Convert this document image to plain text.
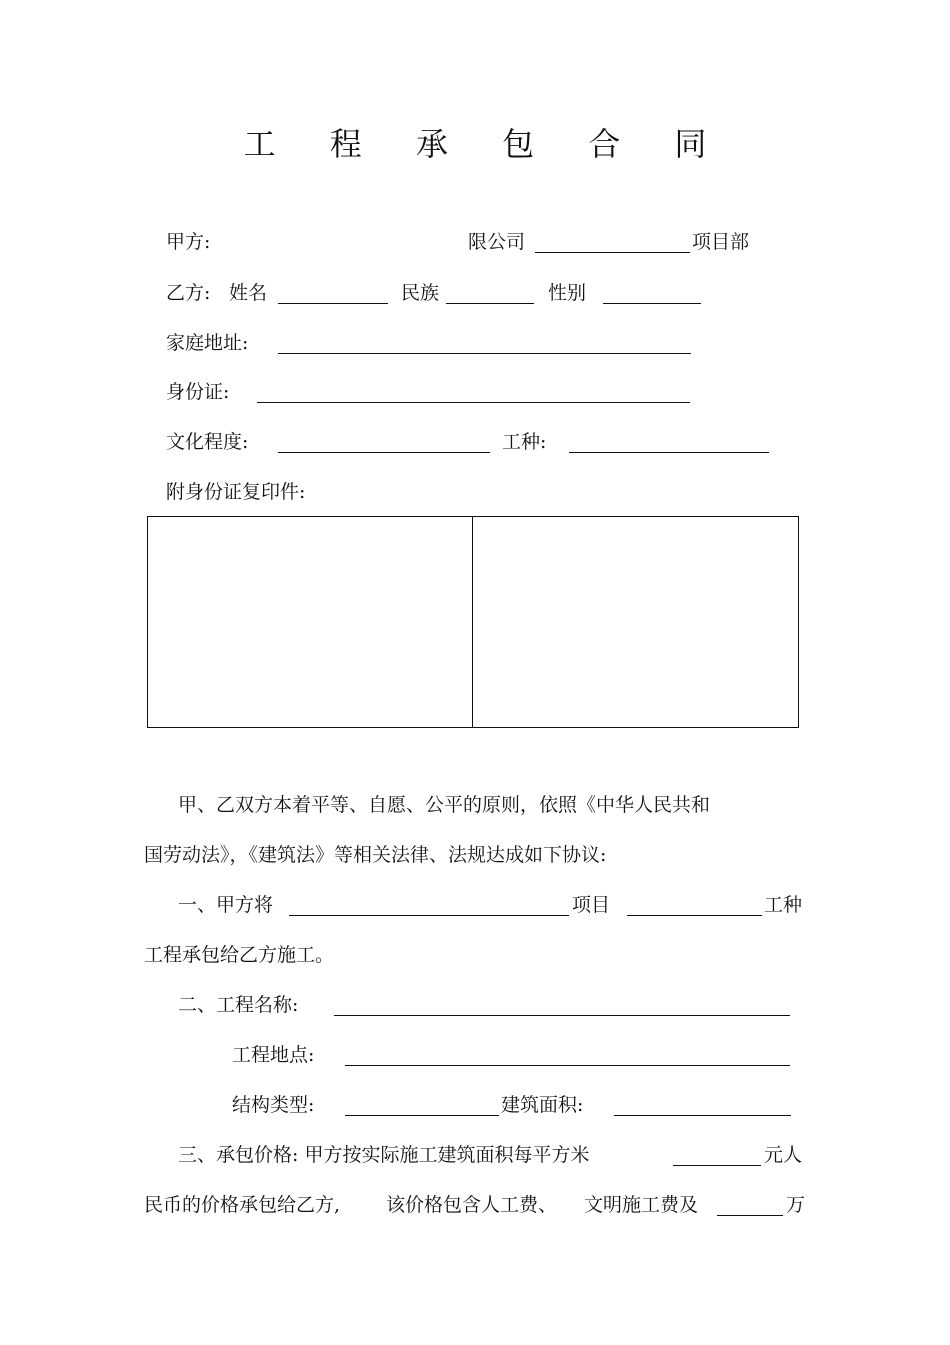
工 程 承 包 合 同
甲方:	限公司	项目部
乙方: 姓名	民族	性别
家庭地址:
身份证:
文化程度:	工种:
附身份证复印件:
甲、乙双方本着平等、自愿、公平的原则，依照《中华人民共和
国劳动法》，《建筑法》等相关法律、法规达成如下协议:
一、甲方将	项目	工种
工程承包给乙方施工。
二、工程名称:
工程地点:
结构类型:	建筑面积:
三、承包价格: 甲方按实际施工建筑面积每平方米	元人
民币的价格承包给乙方, 该价格包含人工费、 文明施工费及	万
